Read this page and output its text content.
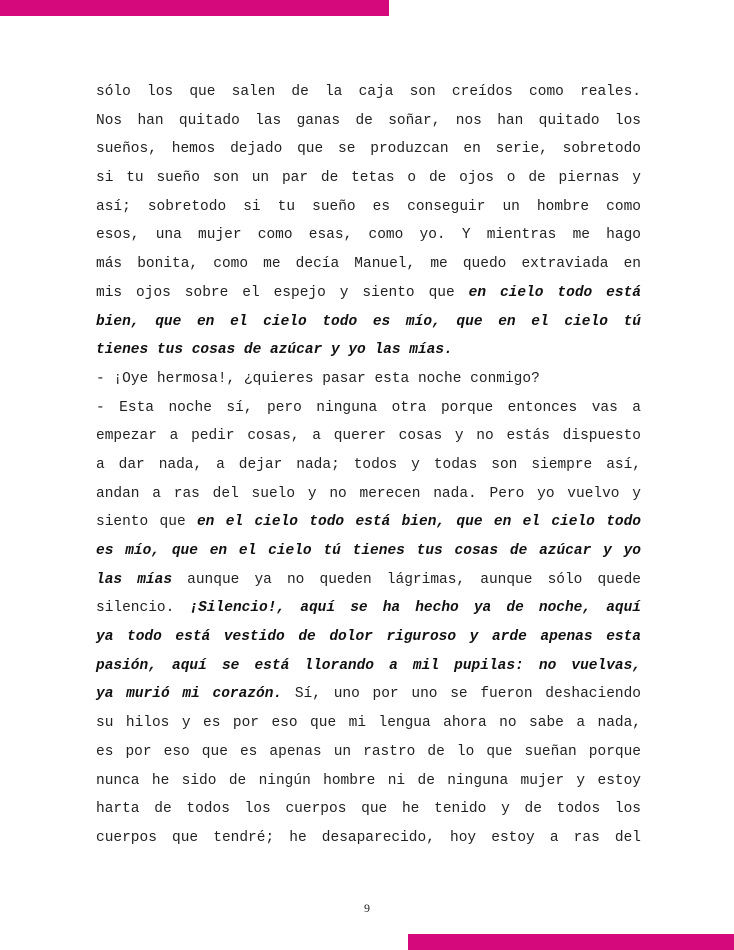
sólo los que salen de la caja son creídos como reales.
Nos han quitado las ganas de soñar, nos han quitado los
sueños, hemos dejado que se produzcan en serie, sobretodo
si tu sueño son un par de tetas o de ojos o de piernas y
así; sobretodo si tu sueño es conseguir un hombre como
esos, una mujer como esas, como yo. Y mientras me hago
más bonita, como me decía Manuel, me quedo extraviada en
mis ojos sobre el espejo y siento que en cielo todo está
bien, que en el cielo todo es mío, que en el cielo tú
tienes tus cosas de azúcar y yo las mías.
- ¡Oye hermosa!, ¿quieres pasar esta noche conmigo?
- Esta noche sí, pero ninguna otra porque entonces vas a
empezar a pedir cosas, a querer cosas y no estás dispuesto
a dar nada, a dejar nada; todos y todas son siempre así,
andan a ras del suelo y no merecen nada. Pero yo vuelvo y
siento que en el cielo todo está bien, que en el cielo todo
es mío, que en el cielo tú tienes tus cosas de azúcar y yo
las mías aunque ya no queden lágrimas, aunque sólo quede
silencio. ¡Silencio!, aquí se ha hecho ya de noche, aquí
ya todo está vestido de dolor riguroso y arde apenas esta
pasión, aquí se está llorando a mil pupilas: no vuelvas,
ya murió mi corazón. Sí, uno por uno se fueron deshaciendo
su hilos y es por eso que mi lengua ahora no sabe a nada,
es por eso que es apenas un rastro de lo que sueñan porque
nunca he sido de ningún hombre ni de ninguna mujer y estoy
harta de todos los cuerpos que he tenido y de todos los
cuerpos que tendré; he desaparecido, hoy estoy a ras del
9
